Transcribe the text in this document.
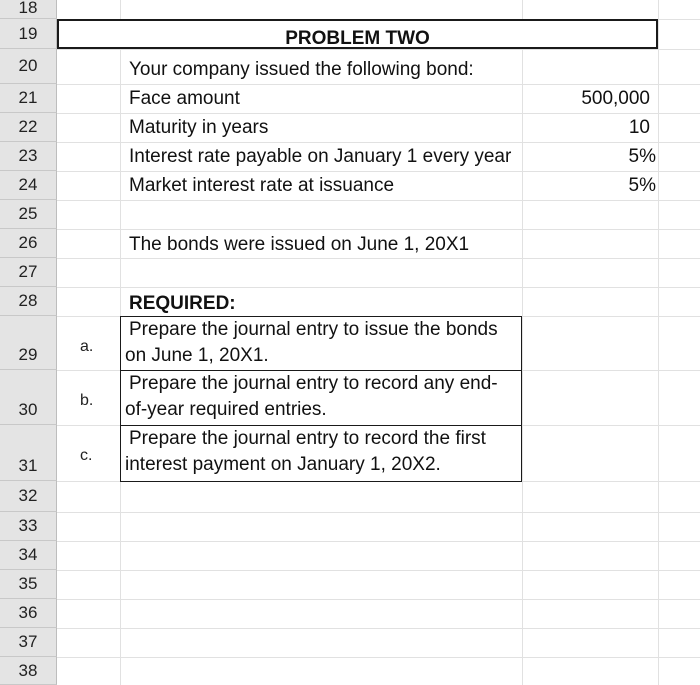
18
19
20
21
22
23
24
25
26
27
28
29
30
31
32
33
34
35
36
37
38
PROBLEM TWO
Your company issued the following bond:
Face amount	500,000
Maturity in years	10
Interest rate payable on January 1 every year	5%
Market interest rate at issuance	5%
The bonds were issued on June 1, 20X1
REQUIRED:
a.
Prepare the journal entry to issue the bonds
on June 1, 20X1.
b.
Prepare the journal entry to record any end-
of-year required entries.
c.
Prepare the journal entry to record the first
interest payment on January 1, 20X2.
